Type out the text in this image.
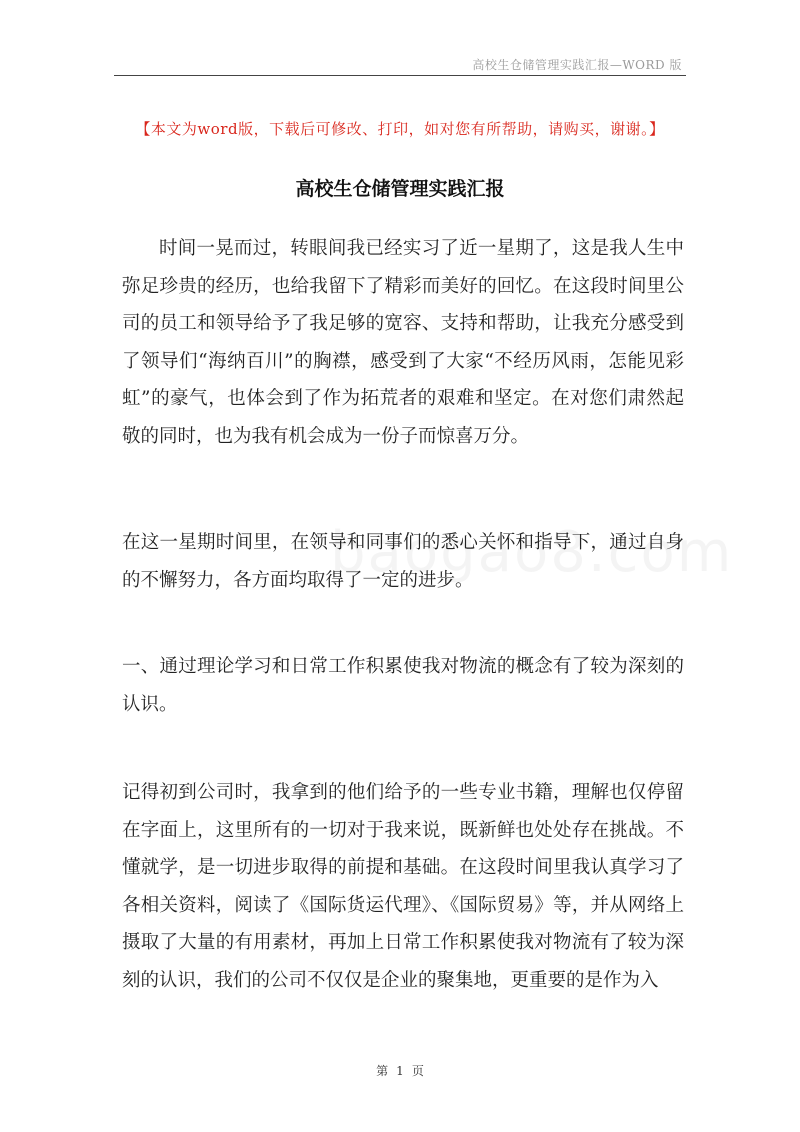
高校生仓储管理实践汇报—WORD 版
【本文为word版，下载后可修改、打印，如对您有所帮助，请购买，谢谢。】
高校生仓储管理实践汇报

时间一晃而过，转眼间我已经实习了近一星期了，这是我人生中弥足珍贵的经历，也给我留下了精彩而美好的回忆。在这段时间里公司的员工和领导给予了我足够的宽容、支持和帮助，让我充分感受到了领导们“海纳百川”的胸襟，感受到了大家“不经历风雨，怎能见彩虹”的豪气，也体会到了作为拓荒者的艰难和坚定。在对您们肃然起敬的同时，也为我有机会成为一份子而惊喜万分。

在这一星期时间里，在领导和同事们的悉心关怀和指导下，通过自身的不懈努力，各方面均取得了一定的进步。

一、通过理论学习和日常工作积累使我对物流的概念有了较为深刻的认识。

记得初到公司时，我拿到的他们给予的一些专业书籍，理解也仅停留在字面上，这里所有的一切对于我来说，既新鲜也处处存在挑战。不懂就学，是一切进步取得的前提和基础。在这段时间里我认真学习了各相关资料，阅读了《国际货运代理》、《国际贸易》等，并从网络上摄取了大量的有用素材，再加上日常工作积累使我对物流有了较为深刻的认识，我们的公司不仅仅是企业的聚集地，更重要的是作为入

第 1 页
